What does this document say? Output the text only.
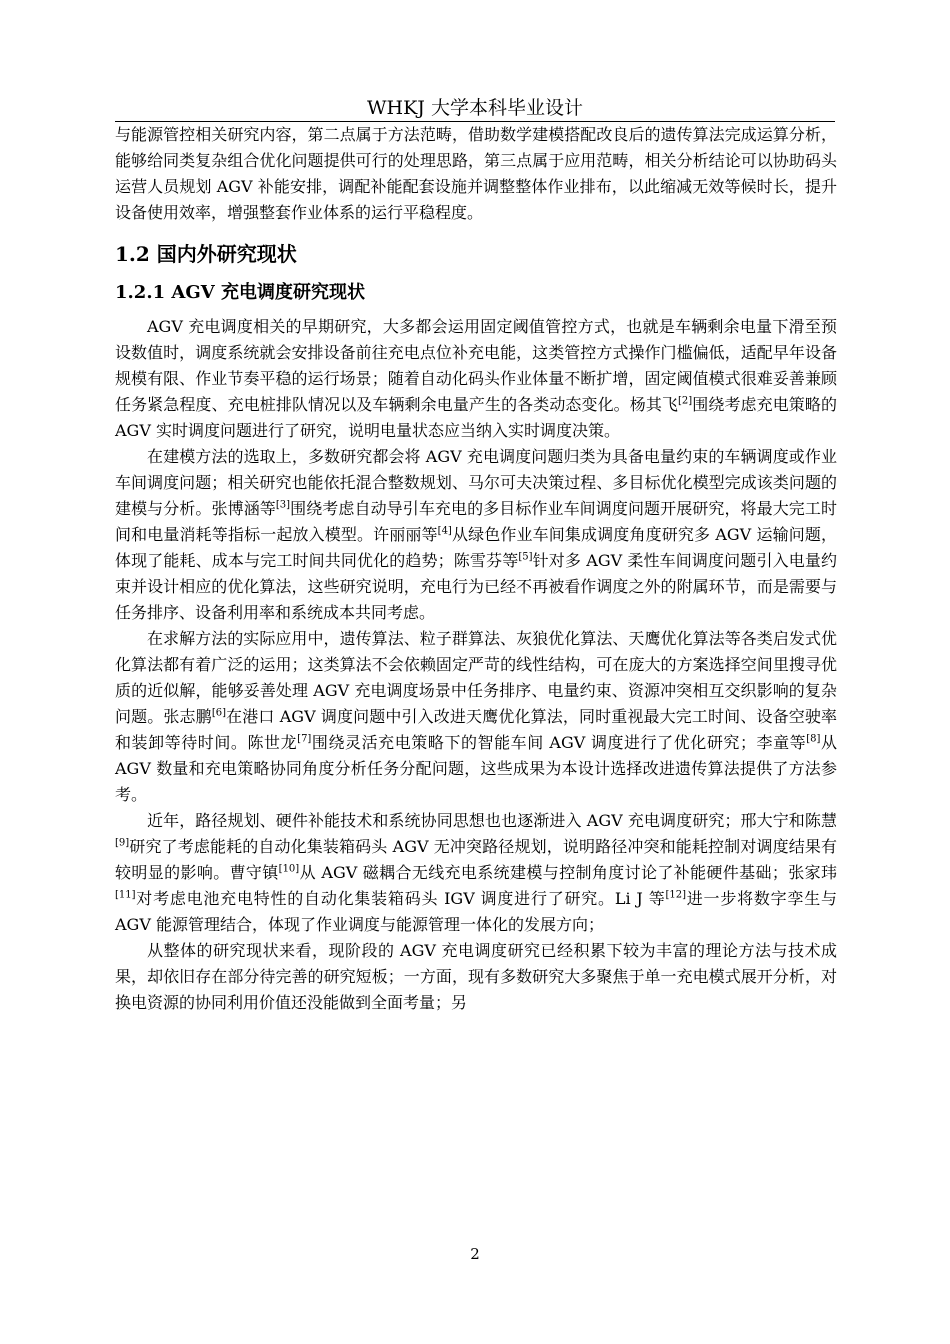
WHKJ 大学本科毕业设计

与能源管控相关研究内容，第二点属于方法范畴，借助数学建模搭配改良后的遗传算法完成运算分析，能够给同类复杂组合优化问题提供可行的处理思路，第三点属于应用范畴，相关分析结论可以协助码头运营人员规划 AGV 补能安排，调配补能配套设施并调整整体作业排布，以此缩减无效等候时长，提升设备使用效率，增强整套作业体系的运行平稳程度。

1.2 国内外研究现状
1.2.1 AGV 充电调度研究现状

AGV 充电调度相关的早期研究，大多都会运用固定阈值管控方式，也就是车辆剩余电量下滑至预设数值时，调度系统就会安排设备前往充电点位补充电能，这类管控方式操作门槛偏低，适配早年设备规模有限、作业节奏平稳的运行场景；随着自动化码头作业体量不断扩增，固定阈值模式很难妥善兼顾任务紧急程度、充电桩排队情况以及车辆剩余电量产生的各类动态变化。杨其飞[2]围绕考虑充电策略的 AGV 实时调度问题进行了研究，说明电量状态应当纳入实时调度决策。

在建模方法的选取上，多数研究都会将 AGV 充电调度问题归类为具备电量约束的车辆调度或作业车间调度问题；相关研究也能依托混合整数规划、马尔可夫决策过程、多目标优化模型完成该类问题的建模与分析。张博涵等[3]围绕考虑自动导引车充电的多目标作业车间调度问题开展研究，将最大完工时间和电量消耗等指标一起放入模型。许丽丽等[4]从绿色作业车间集成调度角度研究多 AGV 运输问题，体现了能耗、成本与完工时间共同优化的趋势；陈雪芬等[5]针对多 AGV 柔性车间调度问题引入电量约束并设计相应的优化算法，这些研究说明，充电行为已经不再被看作调度之外的附属环节，而是需要与任务排序、设备利用率和系统成本共同考虑。

在求解方法的实际应用中，遗传算法、粒子群算法、灰狼优化算法、天鹰优化算法等各类启发式优化算法都有着广泛的运用；这类算法不会依赖固定严苛的线性结构，可在庞大的方案选择空间里搜寻优质的近似解，能够妥善处理 AGV 充电调度场景中任务排序、电量约束、资源冲突相互交织影响的复杂问题。张志鹏[6]在港口 AGV 调度问题中引入改进天鹰优化算法，同时重视最大完工时间、设备空驶率和装卸等待时间。陈世龙[7]围绕灵活充电策略下的智能车间 AGV 调度进行了优化研究；李童等[8]从 AGV 数量和充电策略协同角度分析任务分配问题，这些成果为本设计选择改进遗传算法提供了方法参考。

近年，路径规划、硬件补能技术和系统协同思想也也逐渐进入 AGV 充电调度研究；邢大宁和陈慧[9]研究了考虑能耗的自动化集装箱码头 AGV 无冲突路径规划，说明路径冲突和能耗控制对调度结果有较明显的影响。曹守镇[10]从 AGV 磁耦合无线充电系统建模与控制角度讨论了补能硬件基础；张家玮[11]对考虑电池充电特性的自动化集装箱码头 IGV 调度进行了研究。Li J 等[12]进一步将数字孪生与 AGV 能源管理结合，体现了作业调度与能源管理一体化的发展方向；

从整体的研究现状来看，现阶段的 AGV 充电调度研究已经积累下较为丰富的理论方法与技术成果，却依旧存在部分待完善的研究短板；一方面，现有多数研究大多聚焦于单一充电模式展开分析，对换电资源的协同利用价值还没能做到全面考量；另

2
